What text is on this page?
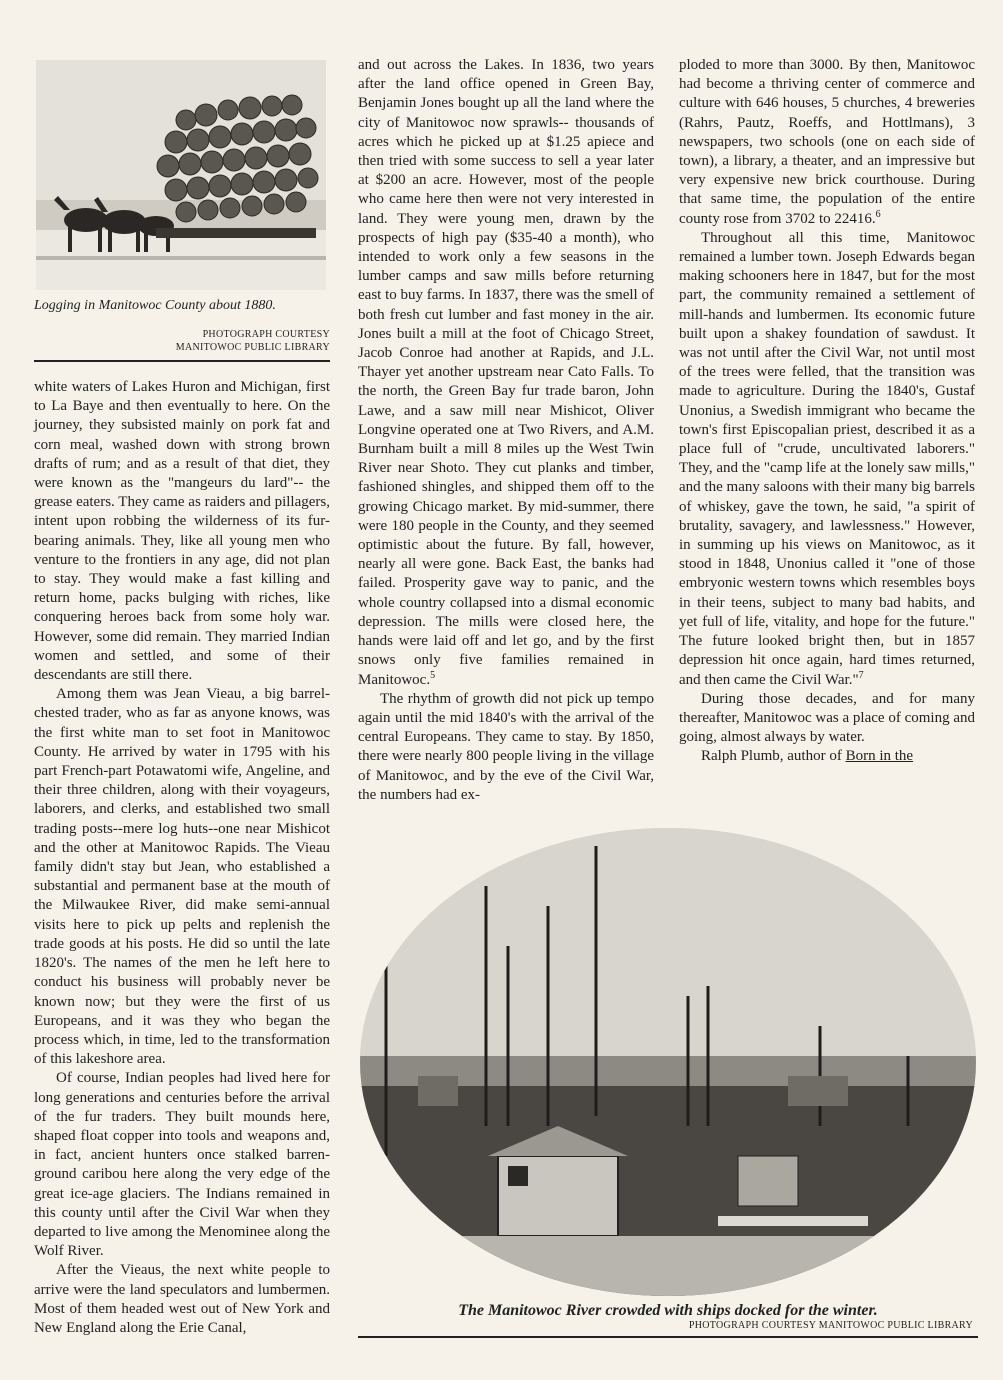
Logging in Manitowoc County about 1880.
PHOTOGRAPH COURTESY
MANITOWOC PUBLIC LIBRARY

white waters of Lakes Huron and Michigan, first to La Baye and then eventually to here. On the journey, they subsisted mainly on pork fat and corn meal, washed down with strong brown drafts of rum; and as a result of that diet, they were known as the "mangeurs du lard"-- the grease eaters. They came as raiders and pillagers, intent upon robbing the wilderness of its fur-bearing animals. They, like all young men who venture to the frontiers in any age, did not plan to stay. They would make a fast killing and return home, packs bulging with riches, like conquering heroes back from some holy war. However, some did remain. They married Indian women and settled, and some of their descendants are still there.

Among them was Jean Vieau, a big barrel-chested trader, who as far as anyone knows, was the first white man to set foot in Manitowoc County. He arrived by water in 1795 with his part French-part Potawatomi wife, Angeline, and their three children, along with their voyageurs, laborers, and clerks, and established two small trading posts--mere log huts--one near Mishicot and the other at Manitowoc Rapids. The Vieau family didn't stay but Jean, who established a substantial and permanent base at the mouth of the Milwaukee River, did make semi-annual visits here to pick up pelts and replenish the trade goods at his posts. He did so until the late 1820's. The names of the men he left here to conduct his business will probably never be known now; but they were the first of us Europeans, and it was they who began the process which, in time, led to the transformation of this lakeshore area.

Of course, Indian peoples had lived here for long generations and centuries before the arrival of the fur traders. They built mounds here, shaped float copper into tools and weapons and, in fact, ancient hunters once stalked barren-ground caribou here along the very edge of the great ice-age glaciers. The Indians remained in this county until after the Civil War when they departed to live among the Menominee along the Wolf River.

After the Vieaus, the next white people to arrive were the land speculators and lumbermen. Most of them headed west out of New York and New England along the Erie Canal,

and out across the Lakes. In 1836, two years after the land office opened in Green Bay, Benjamin Jones bought up all the land where the city of Manitowoc now sprawls-- thousands of acres which he picked up at $1.25 apiece and then tried with some success to sell a year later at $200 an acre. However, most of the people who came here then were not very interested in land. They were young men, drawn by the prospects of high pay ($35-40 a month), who intended to work only a few seasons in the lumber camps and saw mills before returning east to buy farms. In 1837, there was the smell of both fresh cut lumber and fast money in the air. Jones built a mill at the foot of Chicago Street, Jacob Conroe had another at Rapids, and J.L. Thayer yet another upstream near Cato Falls. To the north, the Green Bay fur trade baron, John Lawe, and a saw mill near Mishicot, Oliver Longvine operated one at Two Rivers, and A.M. Burnham built a mill 8 miles up the West Twin River near Shoto. They cut planks and timber, fashioned shingles, and shipped them off to the growing Chicago market. By mid-summer, there were 180 people in the County, and they seemed optimistic about the future. By fall, however, nearly all were gone. Back East, the banks had failed. Prosperity gave way to panic, and the whole country collapsed into a dismal economic depression. The mills were closed here, the hands were laid off and let go, and by the first snows only five families remained in Manitowoc.$^5$

The rhythm of growth did not pick up tempo again until the mid 1840's with the arrival of the central Europeans. They came to stay. By 1850, there were nearly 800 people living in the village of Manitowoc, and by the eve of the Civil War, the numbers had ex-

ploded to more than 3000. By then, Manitowoc had become a thriving center of commerce and culture with 646 houses, 5 churches, 4 breweries (Rahrs, Pautz, Roeffs, and Hottlmans), 3 newspapers, two schools (one on each side of town), a library, a theater, and an impressive but very expensive new brick courthouse. During that same time, the population of the entire county rose from 3702 to 22416.$^6$

Throughout all this time, Manitowoc remained a lumber town. Joseph Edwards began making schooners here in 1847, but for the most part, the community remained a settlement of mill-hands and lumbermen. Its economic future built upon a shakey foundation of sawdust. It was not until after the Civil War, not until most of the trees were felled, that the transition was made to agriculture. During the 1840's, Gustaf Unonius, a Swedish immigrant who became the town's first Episcopalian priest, described it as a place full of "crude, uncultivated laborers." They, and the "camp life at the lonely saw mills," and the many saloons with their many big barrels of whiskey, gave the town, he said, "a spirit of brutality, savagery, and lawlessness." However, in summing up his views on Manitowoc, as it stood in 1848, Unonius called it "one of those embryonic western towns which resembles boys in their teens, subject to many bad habits, and yet full of life, vitality, and hope for the future." The future looked bright then, but in 1857 depression hit once again, hard times returned, and then came the Civil War."$^7$

During those decades, and for many thereafter, Manitowoc was a place of coming and going, almost always by water.

Ralph Plumb, author of Born in the

The Manitowoc River crowded with ships docked for the winter.
PHOTOGRAPH COURTESY MANITOWOC PUBLIC LIBRARY
